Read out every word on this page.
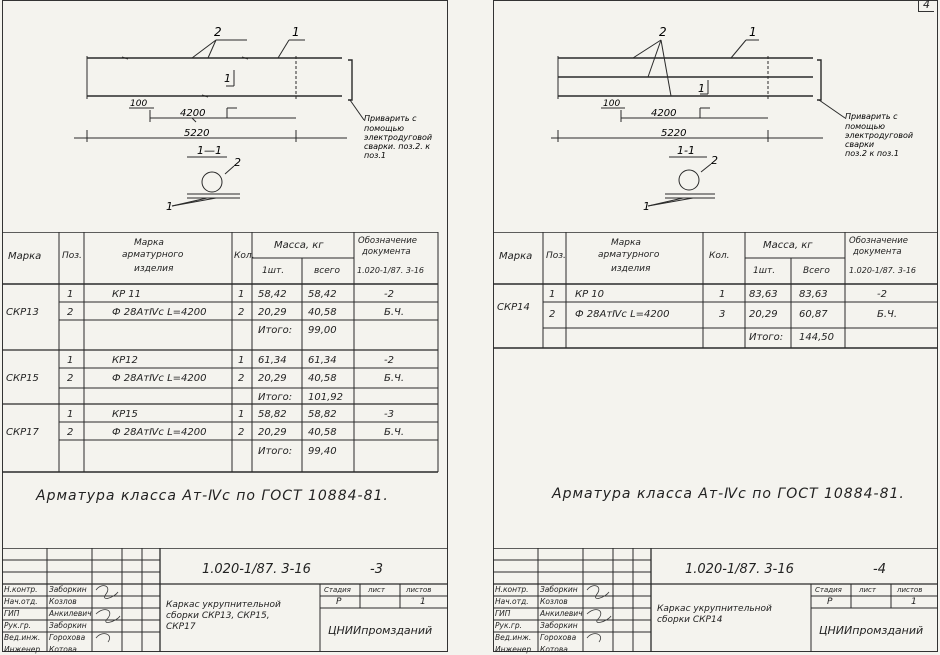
4
2	1
1
100
4200
5220
1—1
2
1
Приварить с
помощью
электродуговой
сварки. поз.2. к
поз.1
2	1
1
100
4200
5220
1-1
2
1
Приварить с
помощью
электродуговой
сварки
поз.2 к поз.1
Марка Поз.
Марка
арматурного
изделия
Кол.
Масса, кг
1шт.	всего
Обозначение
документа
1.020-1/87. 3-16
СКР13
1	КР 11	1 58,42 58,42	-2
2	Ф 28АтⅣс L=4200	2 20,29 40,58	Б.Ч.
Итого: 99,00
СКР15
1	КР12	1 61,34 61,34	-2
2	Ф 28АтⅣс L=4200	2 20,29 40,58	Б.Ч.
Итого: 101,92
СКР17
1	КР15	1 58,82 58,82	-3
2	Ф 28АтⅣс L=4200	2 20,29 40,58	Б.Ч.
Итого: 99,40
Марка Поз.
Марка
арматурного
изделия
Кол.
Масса, кг
1шт.	Всего
Обозначение
документа
1.020-1/87. 3-16
СКР14
1 КР 10	1 83,63 83,63	-2
2 Ф 28АтⅣс L=4200	3 20,29 60,87	Б.Ч.
Итого: 144,50
Арматура класса Ат-Ⅳс по ГОСТ 10884-81.	Арматура класса Ат-Ⅳс по ГОСТ 10884-81.
Н.контр. Заборкин
Нач.отд. Козлов
ГИП	Анкилевич
Рук.гр. Заборкин
Вед.инж. Горохова
Инженер Котова
1.020-1/87. 3-16	-3
Каркас укрупнительной
сборки СКР13, СКР15,
СКР17
Стадия лист	листов
Р	1
ЦНИИпромзданий
Н.контр. Заборкин
Нач.отд. Козлов
ГИП	Анкилевич
Рук.гр. Заборкин
Вед.инж. Горохова
Инженер Котова
1.020-1/87. 3-16	-4
Каркас укрупнительной
сборки СКР14
Стадия лист	листов
Р	1
ЦНИИпромзданий
